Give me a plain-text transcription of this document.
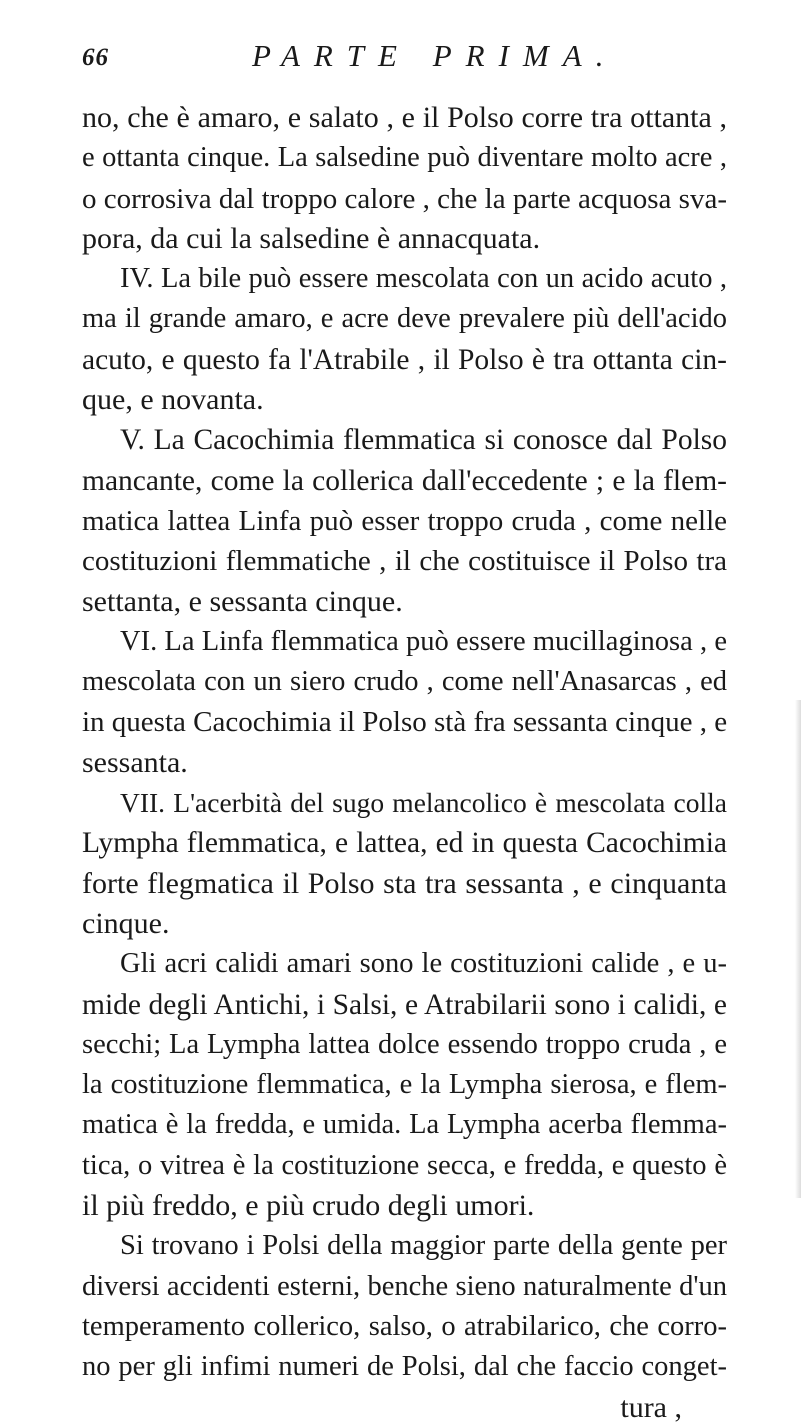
66	PARTE PRIMA.
no, che è amaro, e salato , e il Polso corre tra ottanta ,
e ottanta cinque. La salsedine può diventare molto acre ,
o corrosiva dal troppo calore , che la parte acquosa sva-
pora, da cui la salsedine è annacquata.
IV. La bile può essere mescolata con un acido acuto ,
ma il grande amaro, e acre deve prevalere più dell'acido
acuto, e questo fa l'Atrabile , il Polso è tra ottanta cin-
que, e novanta.
V. La Cacochimia flemmatica si conosce dal Polso
mancante, come la collerica dall'eccedente ; e la flem-
matica lattea Linfa può esser troppo cruda , come nelle
costituzioni flemmatiche , il che costituisce il Polso tra
settanta, e sessanta cinque.
VI. La Linfa flemmatica può essere mucillaginosa , e
mescolata con un siero crudo , come nell'Anasarcas , ed
in questa Cacochimia il Polso stà fra sessanta cinque , e
sessanta.
VII. L'acerbità del sugo melancolico è mescolata colla
Lympha flemmatica, e lattea, ed in questa Cacochimia
forte flegmatica il Polso sta tra sessanta , e cinquanta
cinque.
Gli acri calidi amari sono le costituzioni calide , e u-
mide degli Antichi, i Salsi, e Atrabilarii sono i calidi, e
secchi; La Lympha lattea dolce essendo troppo cruda , e
la costituzione flemmatica, e la Lympha sierosa, e flem-
matica è la fredda, e umida. La Lympha acerba flemma-
tica, o vitrea è la costituzione secca, e fredda, e questo è
il più freddo, e più crudo degli umori.
Si trovano i Polsi della maggior parte della gente per
diversi accidenti esterni, benche sieno naturalmente d'un
temperamento collerico, salso, o atrabilarico, che corro-
no per gli infimi numeri de Polsi, dal che faccio conget-
tura ,
